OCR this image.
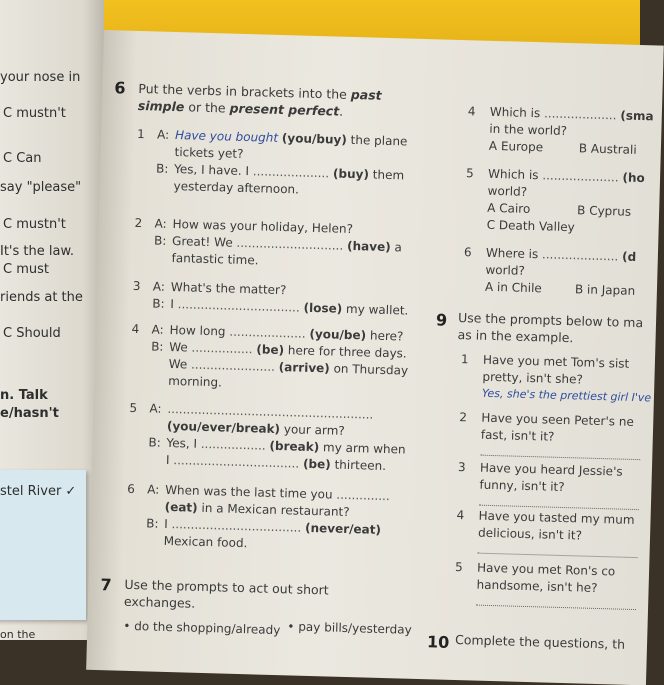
your nose in
C mustn't
C Can
say "please"
C mustn't
It's the law.
C must
riends at the
C Should
n. Talk
e/hasn't
stel River ✓
on the
6 Put the verbs in brackets into the past
simple or the present perfect.
1 A: Have you bought (you/buy) the plane
tickets yet?
B: Yes, I have. I .................... (buy) them
yesterday afternoon.
2 A: How was your holiday, Helen?
B: Great! We ............................ (have) a
fantastic time.
3 A: What's the matter?
B: I ................................ (lose) my wallet.
4 A: How long .................... (you/be) here?
B: We ................ (be) here for three days.
We ...................... (arrive) on Thursday
morning.
5 A: ......................................................
(you/ever/break) your arm?
B: Yes, I ................. (break) my arm when
I ................................. (be) thirteen.
6 A: When was the last time you ..............
(eat) in a Mexican restaurant?
B: I .................................. (never/eat)
Mexican food.
7 Use the prompts to act out short
exchanges.
• do the shopping/already • pay bills/yesterday
4 Which is ................... (sma
in the world?
A Europe	B Australi
5 Which is .................... (ho
world?
A Cairo	B Cyprus
C Death Valley
6 Where is .................... (d
world?
A in Chile	B in Japan
9 Use the prompts below to ma
as in the example.
1 Have you met Tom's sist
pretty, isn't she?
Yes, she's the prettiest girl I've
2 Have you seen Peter's ne
fast, isn't it?
3 Have you heard Jessie's
funny, isn't it?
4 Have you tasted my mum
delicious, isn't it?
5 Have you met Ron's co
handsome, isn't he?
10 Complete the questions, th
